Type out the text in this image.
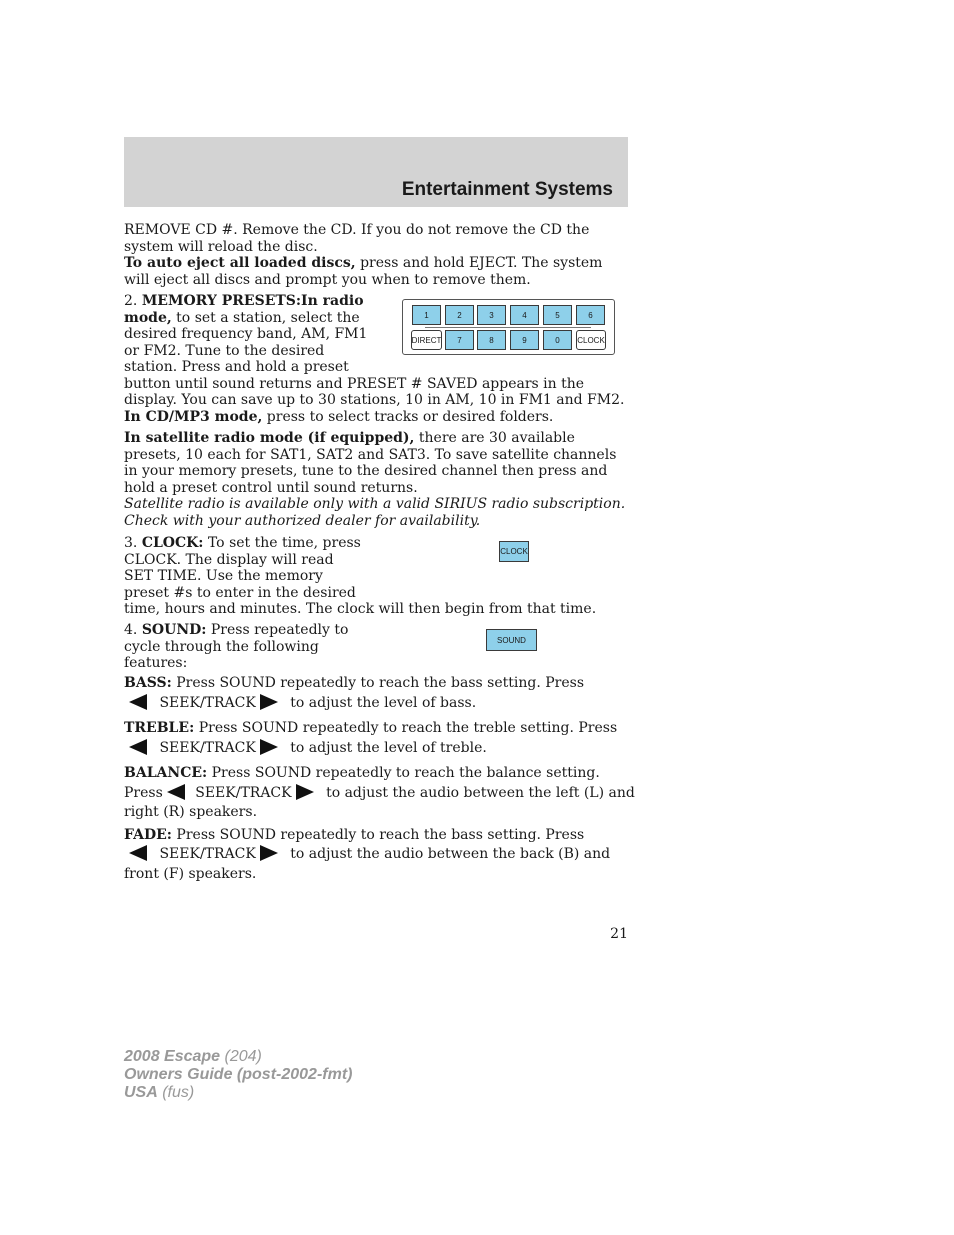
Entertainment Systems

REMOVE CD #. Remove the CD. If you do not remove the CD the system will reload the disc.

To auto eject all loaded discs, press and hold EJECT. The system will eject all discs and prompt you when to remove them.

2. MEMORY PRESETS:In radio mode, to set a station, select the desired frequency band, AM, FM1 or FM2. Tune to the desired station. Press and hold a preset button until sound returns and PRESET # SAVED appears in the display. You can save up to 30 stations, 10 in AM, 10 in FM1 and FM2.

In CD/MP3 mode, press to select tracks or desired folders.

1	2	3	4	5	6
DIRECT	7	8	9	0	CLOCK

In satellite radio mode (if equipped), there are 30 available presets, 10 each for SAT1, SAT2 and SAT3. To save satellite channels in your memory presets, tune to the desired channel then press and hold a preset control until sound returns.

Satellite radio is available only with a valid SIRIUS radio subscription. Check with your authorized dealer for availability.

3. CLOCK: To set the time, press CLOCK. The display will read SET TIME. Use the memory preset #s to enter in the desired time, hours and minutes. The clock will then begin from that time.

CLOCK

4. SOUND: Press repeatedly to cycle through the following features:

SOUND
BASS: Press SOUND repeatedly to reach the bass setting. Press
SEEK/TRACK to adjust the level of bass.
TREBLE: Press SOUND repeatedly to reach the treble setting. Press
SEEK/TRACK to adjust the level of treble.
BALANCE: Press SOUND repeatedly to reach the balance setting.
Press SEEK/TRACK to adjust the audio between the left (L) and
right (R) speakers.
FADE: Press SOUND repeatedly to reach the bass setting. Press
SEEK/TRACK to adjust the audio between the back (B) and
front (F) speakers.
21
2008 Escape (204)
Owners Guide (post-2002-fmt)
USA (fus)
